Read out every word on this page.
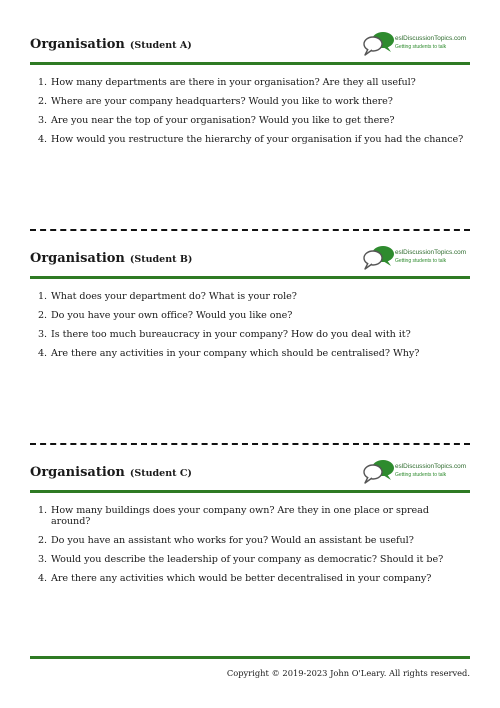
Organisation (Student A)
eslDiscussionTopics.com
Getting students to talk
1. How many departments are there in your organisation? Are they all useful?
2. Where are your company headquarters? Would you like to work there?
3. Are you near the top of your organisation? Would you like to get there?
4. How would you restructure the hierarchy of your organisation if you had the chance?
Organisation (Student B)
eslDiscussionTopics.com
Getting students to talk
1. What does your department do? What is your role?
2. Do you have your own office? Would you like one?
3. Is there too much bureaucracy in your company? How do you deal with it?
4. Are there any activities in your company which should be centralised? Why?
Organisation (Student C)
eslDiscussionTopics.com
Getting students to talk
1. How many buildings does your company own? Are they in one place or spread around?
2. Do you have an assistant who works for you? Would an assistant be useful?
3. Would you describe the leadership of your company as democratic? Should it be?
4. Are there any activities which would be better decentralised in your company?
Copyright © 2019-2023 John O'Leary. All rights reserved.
